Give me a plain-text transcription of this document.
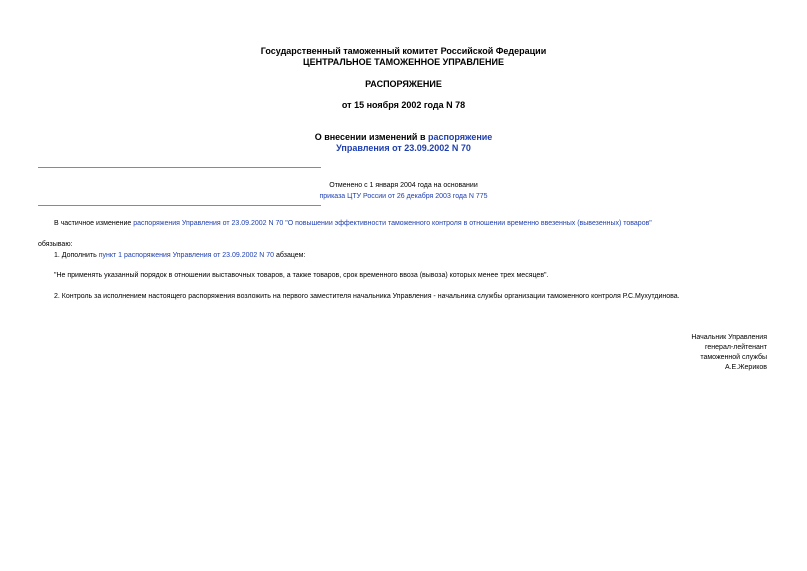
Государственный таможенный комитет Российской Федерации
ЦЕНТРАЛЬНОЕ ТАМОЖЕННОЕ УПРАВЛЕНИЕ
РАСПОРЯЖЕНИЕ
от 15 ноября 2002 года N 78
О внесении изменений в распоряжение
Управления от 23.09.2002 N 70
Отменено с 1 января 2004 года на основании
приказа ЦТУ России от 26 декабря 2003 года N 775
В частичное изменение распоряжения Управления от 23.09.2002 N 70 "О повышении эффективности таможенного контроля в отношении временно ввезенных (вывезенных) товаров"
обязываю:
1. Дополнить пункт 1 распоряжения Управления от 23.09.2002 N 70 абзацем:
"Не применять указанный порядок в отношении выставочных товаров, а также товаров, срок временного ввоза (вывоза) которых менее трех месяцев".
2. Контроль за исполнением настоящего распоряжения возложить на первого заместителя начальника Управления - начальника службы организации таможенного контроля Р.С.Мухутдинова.
Начальник Управления
генерал-лейтенант
таможенной службы
А.Е.Жериков
